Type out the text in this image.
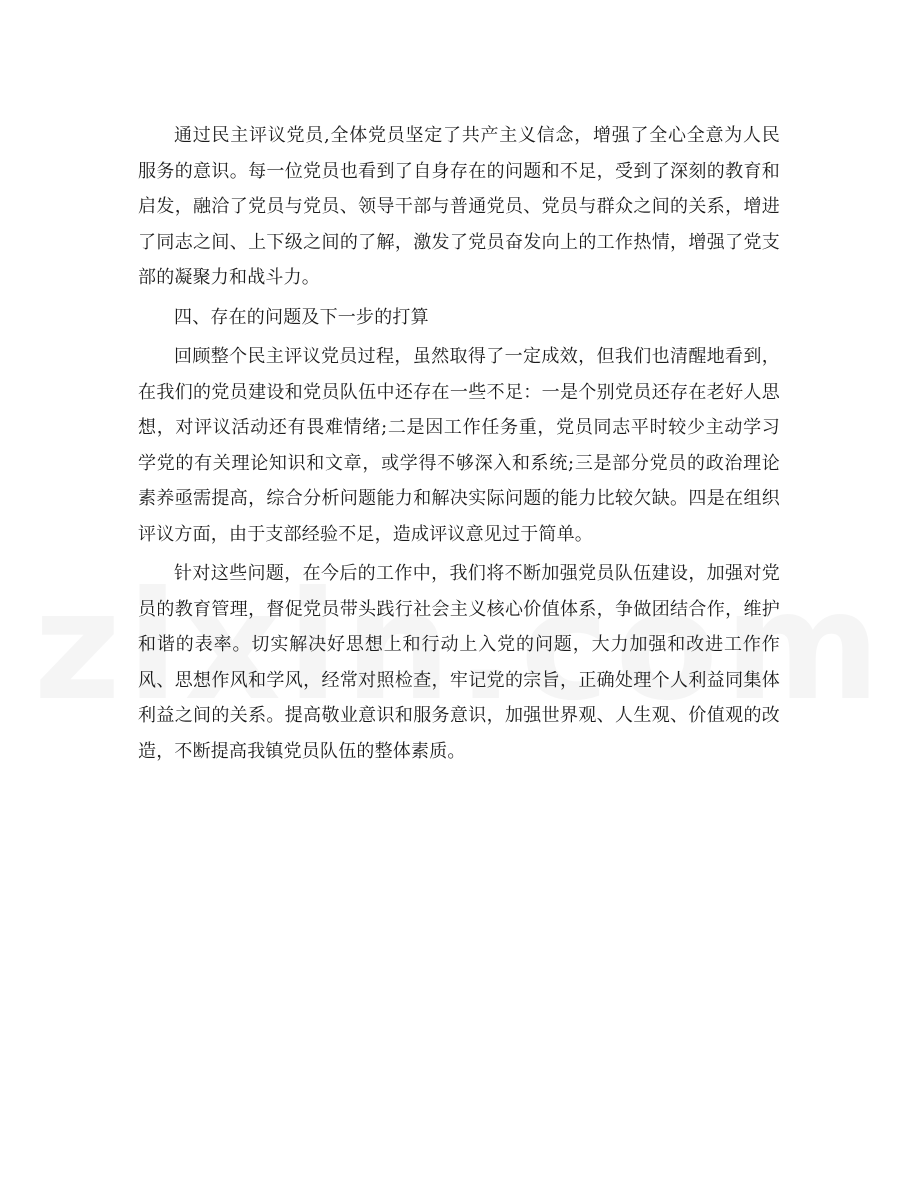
通过民主评议党员,全体党员坚定了共产主义信念，增强了全心全意为人民服务的意识。每一位党员也看到了自身存在的问题和不足，受到了深刻的教育和启发，融洽了党员与党员、领导干部与普通党员、党员与群众之间的关系，增进了同志之间、上下级之间的了解，激发了党员奋发向上的工作热情，增强了党支部的凝聚力和战斗力。

四、存在的问题及下一步的打算

回顾整个民主评议党员过程，虽然取得了一定成效，但我们也清醒地看到，在我们的党员建设和党员队伍中还存在一些不足：一是个别党员还存在老好人思想，对评议活动还有畏难情绪;二是因工作任务重，党员同志平时较少主动学习学党的有关理论知识和文章，或学得不够深入和系统;三是部分党员的政治理论素养亟需提高，综合分析问题能力和解决实际问题的能力比较欠缺。四是在组织评议方面，由于支部经验不足，造成评议意见过于简单。

针对这些问题，在今后的工作中，我们将不断加强党员队伍建设，加强对党员的教育管理，督促党员带头践行社会主义核心价值体系，争做团结合作，维护和谐的表率。切实解决好思想上和行动上入党的问题，大力加强和改进工作作风、思想作风和学风，经常对照检查，牢记党的宗旨，正确处理个人利益同集体利益之间的关系。提高敬业意识和服务意识，加强世界观、人生观、价值观的改造，不断提高我镇党员队伍的整体素质。
